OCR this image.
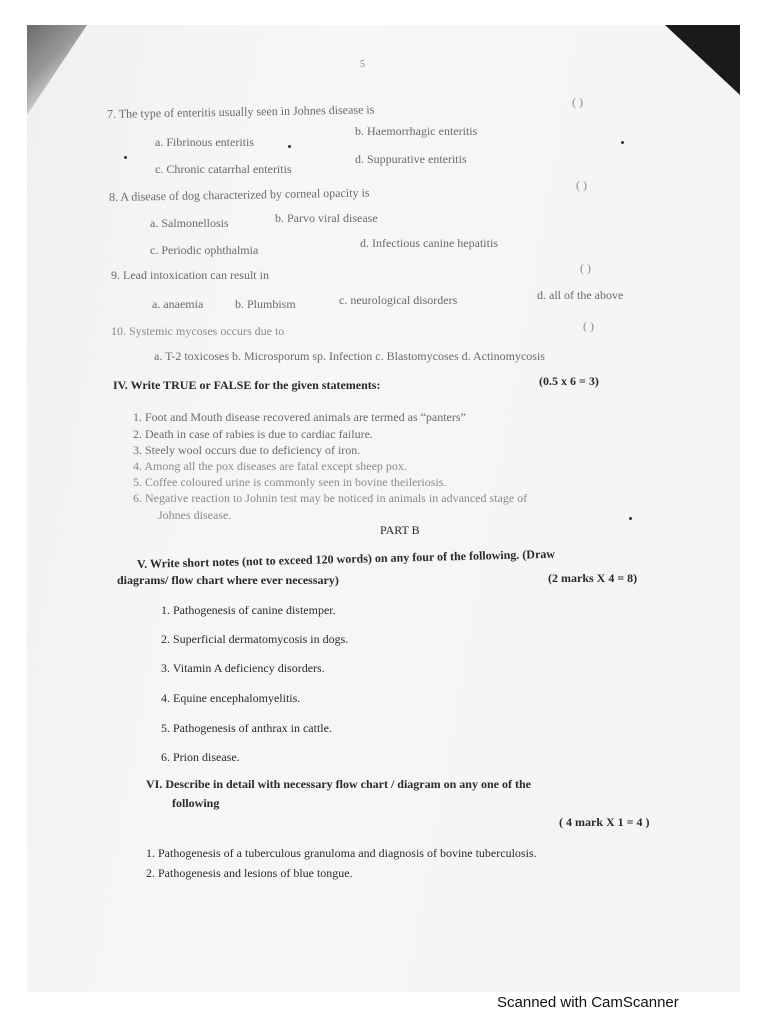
5
7. The type of enteritis usually seen in Johnes disease is
( )
a. Fibrinous enteritis
b. Haemorrhagic enteritis
c. Chronic catarrhal enteritis
d. Suppurative enteritis
8. A disease of dog characterized by corneal opacity is
( )
a. Salmonellosis	b. Parvo viral disease
c. Periodic ophthalmia	d. Infectious canine hepatitis
9. Lead intoxication can result in	( )
a. anaemia	b. Plumbism	c. neurological disorders	d. all of the above
10. Systemic mycoses occurs due to	( )
a. T-2 toxicoses b. Microsporum sp. Infection c. Blastomycoses d. Actinomycosis
IV. Write TRUE or FALSE for the given statements:	(0.5 x 6 = 3)
1. Foot and Mouth disease recovered animals are termed as “panters”
2. Death in case of rabies is due to cardiac failure.
3. Steely wool occurs due to deficiency of iron.
4. Among all the pox diseases are fatal except sheep pox.
5. Coffee coloured urine is commonly seen in bovine theileriosis.
6. Negative reaction to Johnin test may be noticed in animals in advanced stage of
Johnes disease.
PART B
V. Write short notes (not to exceed 120 words) on any four of the following. (Draw
diagrams/ flow chart where ever necessary)	(2 marks X 4 = 8)
1. Pathogenesis of canine distemper.
2. Superficial dermatomycosis in dogs.
3. Vitamin A deficiency disorders.
4. Equine encephalomyelitis.
5. Pathogenesis of anthrax in cattle.
6. Prion disease.
VI. Describe in detail with necessary flow chart / diagram on any one of the
following
( 4 mark X 1 = 4 )
1. Pathogenesis of a tuberculous granuloma and diagnosis of bovine tuberculosis.
2. Pathogenesis and lesions of blue tongue.
Scanned with CamScanner
